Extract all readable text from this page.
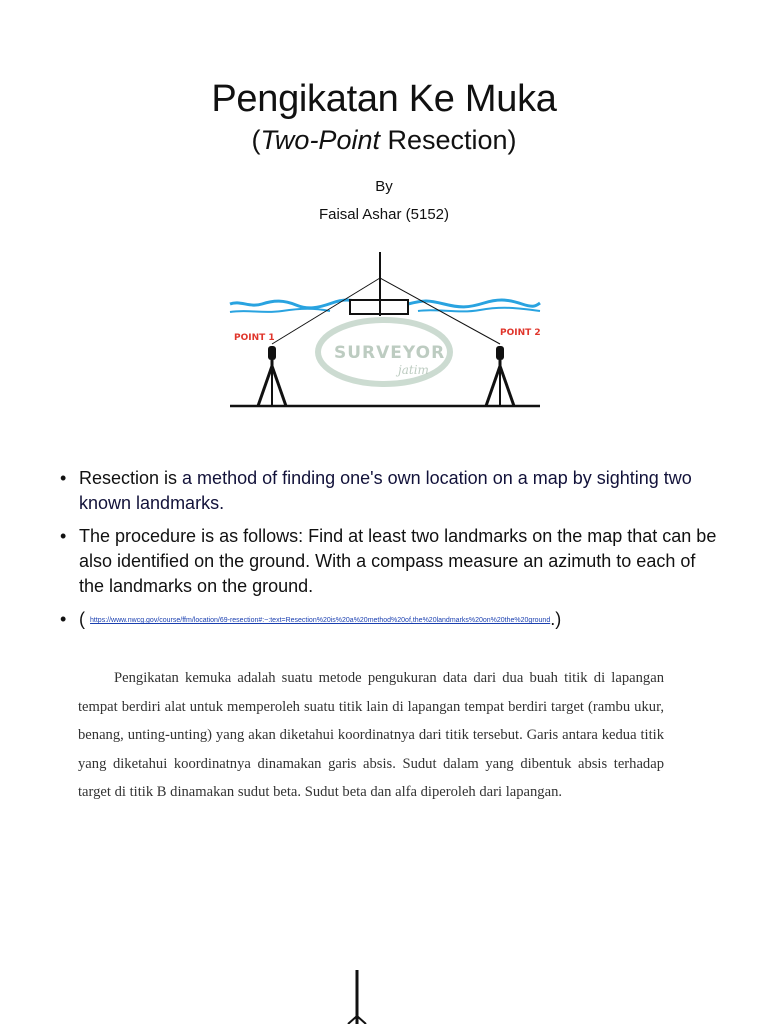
Pengikatan Ke Muka
(Two-Point Resection)
By
Faisal Ashar (5152)
SURVEYOR
jatim
POINT 1	POINT 2
• Resection is a method of finding one's own location on a map by sighting two known landmarks.
• The procedure is as follows: Find at least two landmarks on the map that can be also identified on the ground. With a compass measure an azimuth to each of the landmarks on the ground.
• ( https://www.nwcg.gov/course/ffm/location/69-resection#:~:text=Resection%20is%20a%20method%20of,the%20landmarks%20on%20the%20ground.)
Pengikatan kemuka adalah suatu metode pengukuran data dari dua buah titik di lapangan tempat berdiri alat untuk memperoleh suatu titik lain di lapangan tempat berdiri target (rambu ukur, benang, unting-unting) yang akan diketahui koordinatnya dari titik tersebut. Garis antara kedua titik yang diketahui koordinatnya dinamakan garis absis. Sudut dalam yang dibentuk absis terhadap target di titik B dinamakan sudut beta. Sudut beta dan alfa diperoleh dari lapangan.
